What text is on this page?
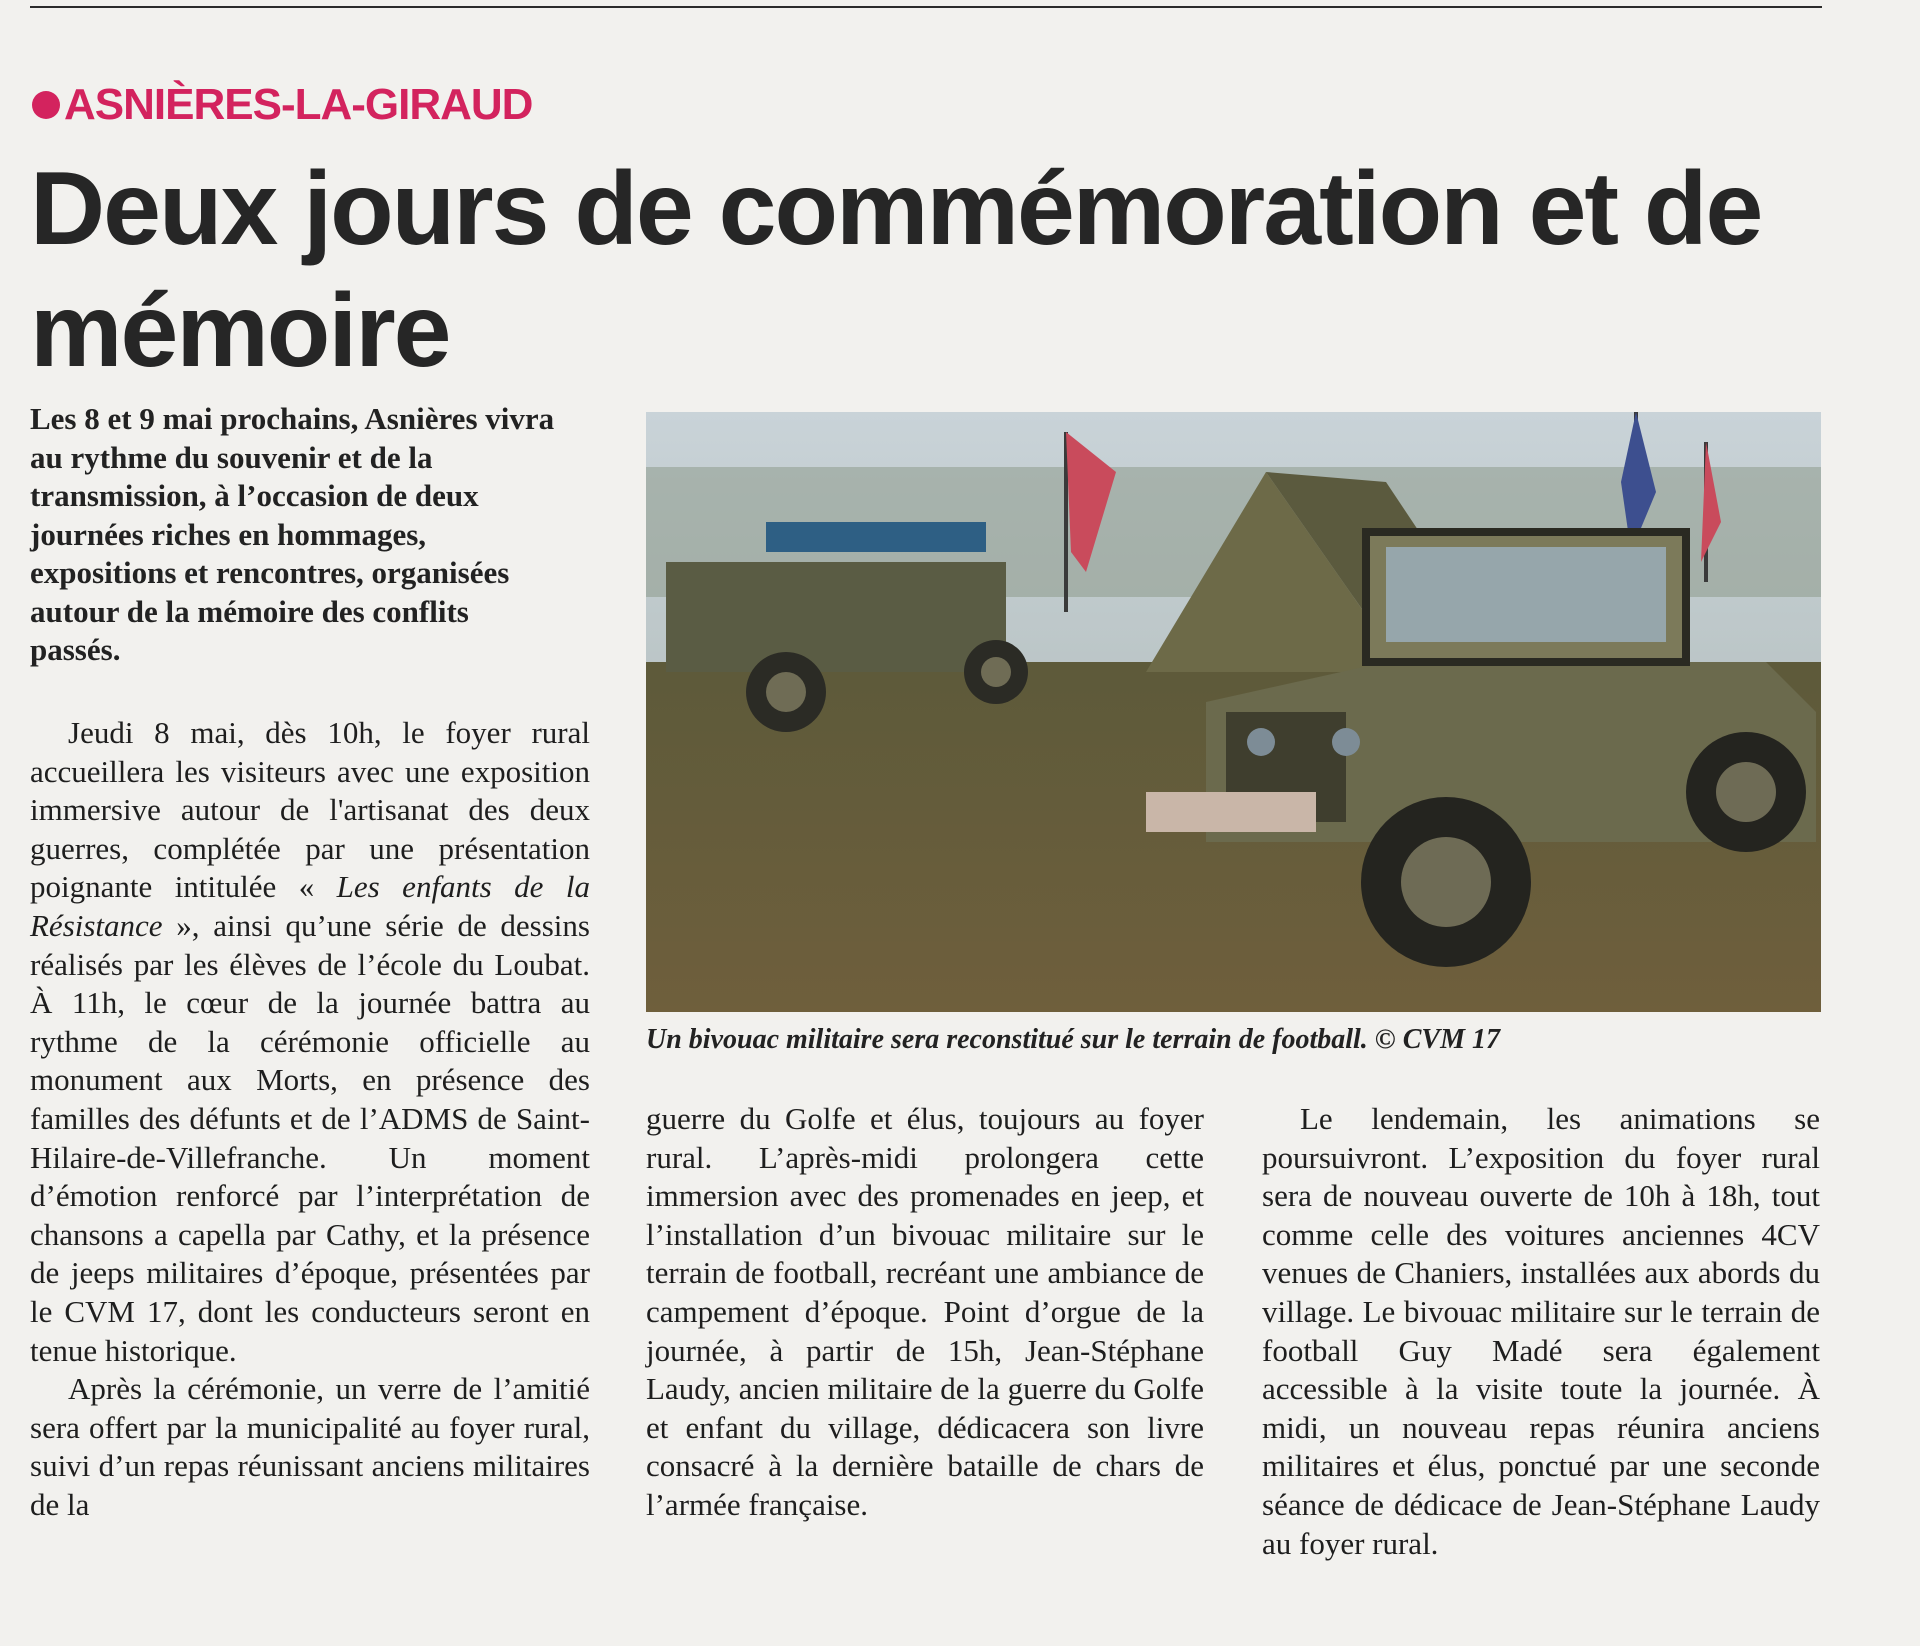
ASNIÈRES-LA-GIRAUD
Deux jours de commémoration et de mémoire

Les 8 et 9 mai prochains, Asnières vivra au rythme du souvenir et de la transmission, à l’occasion de deux journées riches en hommages, expositions et rencontres, organisées autour de la mémoire des conflits passés.

Jeudi 8 mai, dès 10h, le foyer rural accueillera les visiteurs avec une exposition immersive autour de l'artisanat des deux guerres, complétée par une présentation poignante intitulée « Les enfants de la Résistance », ainsi qu’une série de dessins réalisés par les élèves de l’école du Loubat. À 11h, le cœur de la journée battra au rythme de la cérémonie officielle au monument aux Morts, en présence des familles des défunts et de l’ADMS de Saint-Hilaire-de-Villefranche. Un moment d’émotion renforcé par l’interprétation de chansons a capella par Cathy, et la présence de jeeps militaires d’époque, présentées par le CVM 17, dont les conducteurs seront en tenue historique.

Après la cérémonie, un verre de l’amitié sera offert par la municipalité au foyer rural, suivi d’un repas réunissant anciens militaires de la

Un bivouac militaire sera reconstitué sur le terrain de football. © CVM 17

guerre du Golfe et élus, toujours au foyer rural. L’après-midi prolongera cette immersion avec des promenades en jeep, et l’installation d’un bivouac militaire sur le terrain de football, recréant une ambiance de campement d’époque. Point d’orgue de la journée, à partir de 15h, Jean-Stéphane Laudy, ancien militaire de la guerre du Golfe et enfant du village, dédicacera son livre consacré à la dernière bataille de chars de l’armée française.

Le lendemain, les animations se poursuivront. L’exposition du foyer rural sera de nouveau ouverte de 10h à 18h, tout comme celle des voitures anciennes 4CV venues de Chaniers, installées aux abords du village. Le bivouac militaire sur le terrain de football Guy Madé sera également accessible à la visite toute la journée. À midi, un nouveau repas réunira anciens militaires et élus, ponctué par une seconde séance de dédicace de Jean-Stéphane Laudy au foyer rural.
